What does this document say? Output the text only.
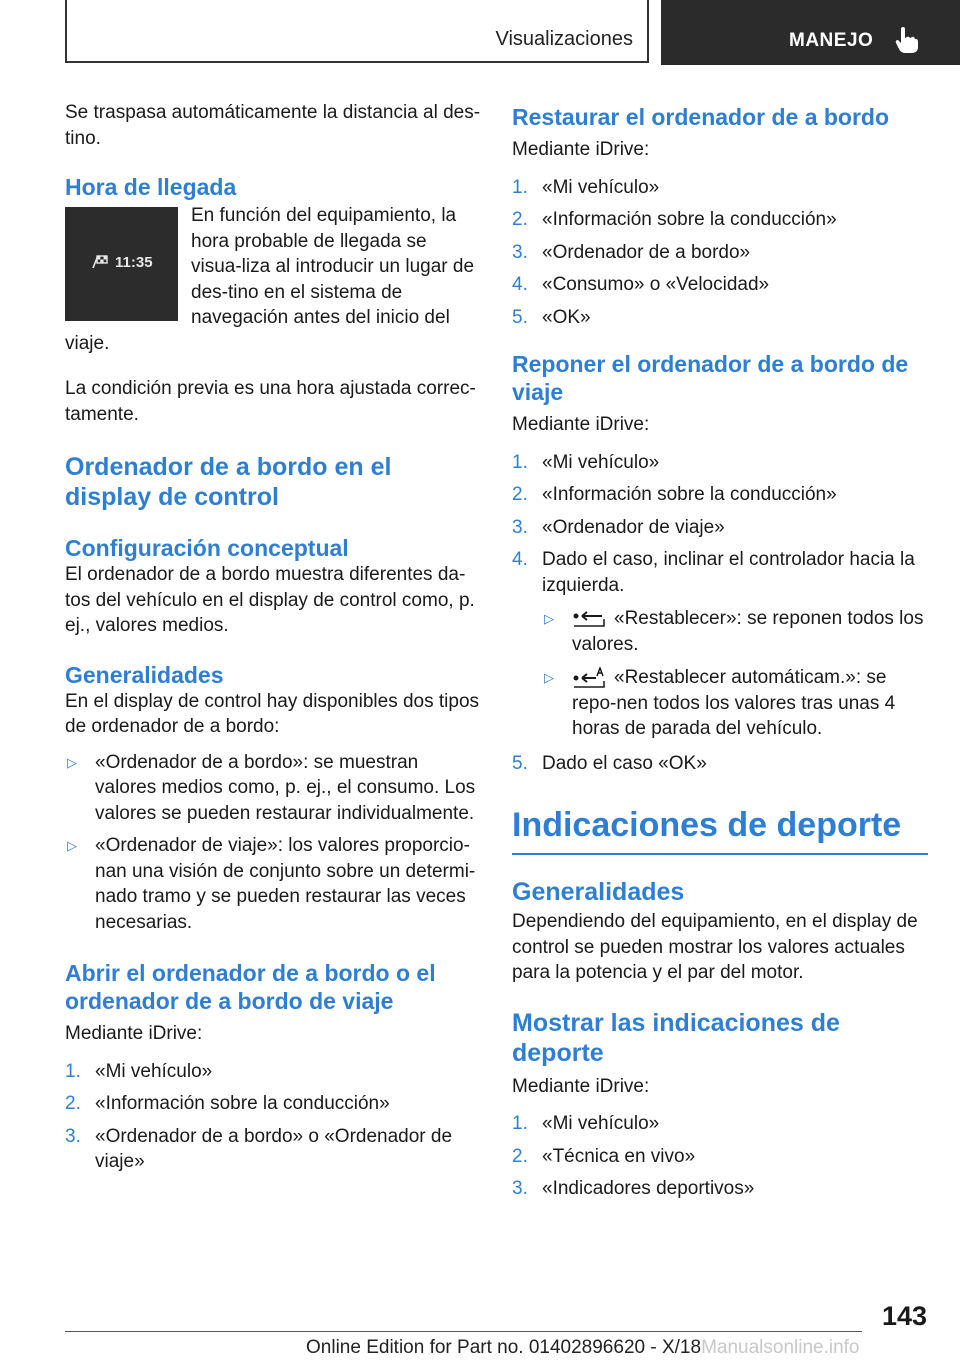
Visualizaciones	MANEJO

Se traspasa automáticamente la distancia al des-
tino.

Hora de llegada
11:35

En función del equipamiento, la hora probable de llegada se visua-liza al introducir un lugar de des-tino en el sistema de navegación antes del inicio del viaje.

La condición previa es una hora ajustada correc-tamente.

Ordenador de a bordo en el display de control
Configuración conceptual

El ordenador de a bordo muestra diferentes da-tos del vehículo en el display de control como, p. ej., valores medios.

Generalidades

En el display de control hay disponibles dos tipos de ordenador de a bordo:

▷ «Ordenador de a bordo»: se muestran valores medios como, p. ej., el consumo. Los valores se pueden restaurar individualmente.
▷ «Ordenador de viaje»: los valores proporcio-nan una visión de conjunto sobre un determi-nado tramo y se pueden restaurar las veces necesarias.
Abrir el ordenador de a bordo o el ordenador de a bordo de viaje

Mediante iDrive:

1. «Mi vehículo»
2. «Información sobre la conducción»
3. «Ordenador de a bordo» o «Ordenador de viaje»
Restaurar el ordenador de a bordo

Mediante iDrive:

1. «Mi vehículo»
2. «Información sobre la conducción»
3. «Ordenador de a bordo»
4. «Consumo» o «Velocidad»
5. «OK»
Reponer el ordenador de a bordo de viaje

Mediante iDrive:

1. «Mi vehículo»
2. «Información sobre la conducción»
3. «Ordenador de viaje»
4. Dado el caso, inclinar el controlador hacia la izquierda.
▷	«Restablecer»: se reponen todos los valores.
▷	«Restablecer automáticam.»: se repo-nen todos los valores tras unas 4 horas de parada del vehículo.
5. Dado el caso «OK»
Indicaciones de deporte
Generalidades

Dependiendo del equipamiento, en el display de control se pueden mostrar los valores actuales para la potencia y el par del motor.

Mostrar las indicaciones de deporte

Mediante iDrive:

1. «Mi vehículo»
2. «Técnica en vivo»
3. «Indicadores deportivos»
143
Online Edition for Part no. 01402896620 - X/18Manualsonline.info
